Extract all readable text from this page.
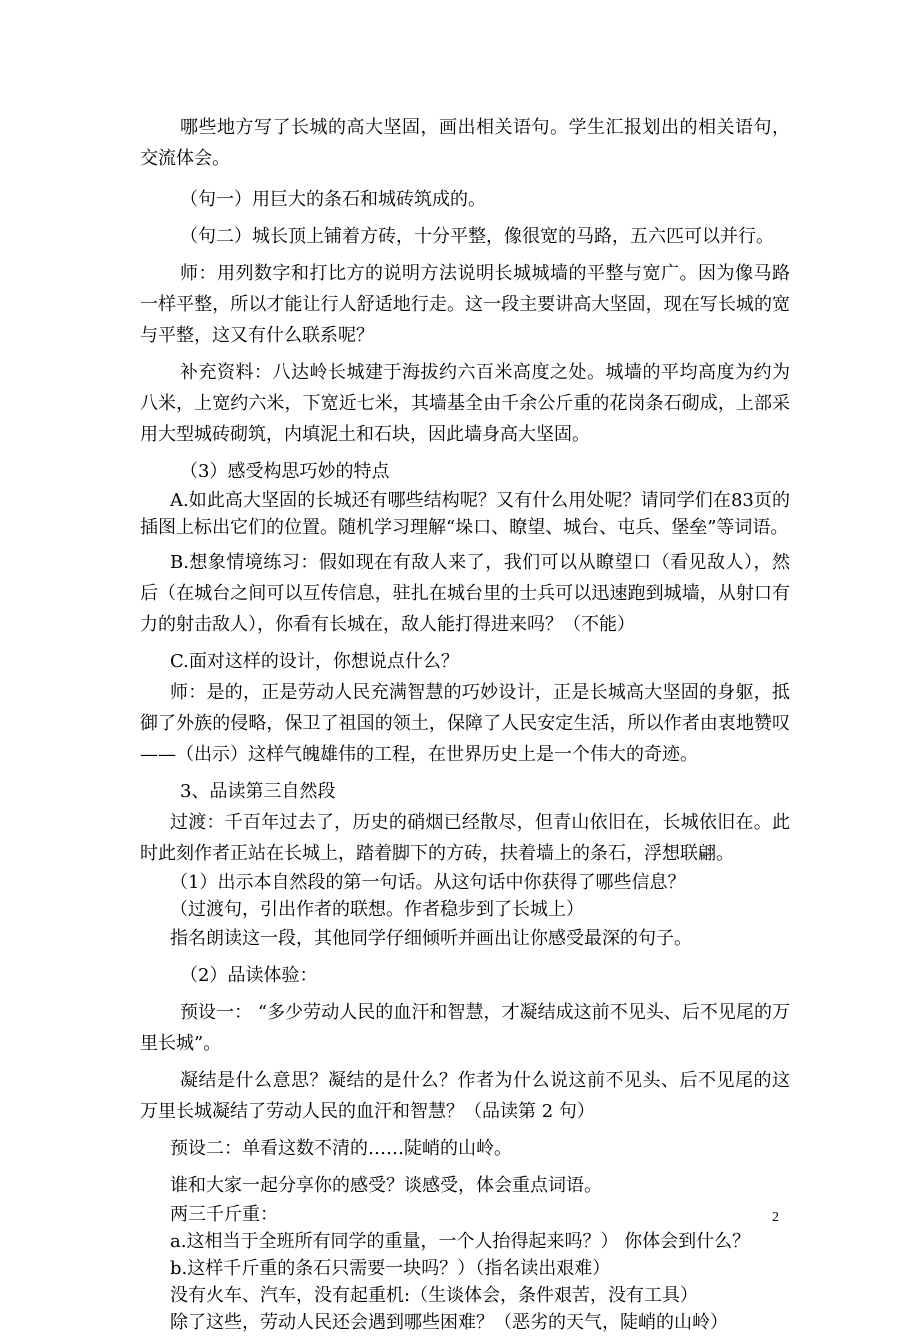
哪些地方写了长城的高大坚固，画出相关语句。学生汇报划出的相关语句，交流体会。

（句一）用巨大的条石和城砖筑成的。

（句二）城长顶上铺着方砖，十分平整，像很宽的马路，五六匹可以并行。

师：用列数字和打比方的说明方法说明长城城墙的平整与宽广。因为像马路一样平整，所以才能让行人舒适地行走。这一段主要讲高大坚固，现在写长城的宽与平整，这又有什么联系呢？

补充资料：八达岭长城建于海拔约六百米高度之处。城墙的平均高度为约为八米，上宽约六米，下宽近七米，其墙基全由千余公斤重的花岗条石砌成，上部采用大型城砖砌筑，内填泥土和石块，因此墙身高大坚固。

（3）感受构思巧妙的特点

A.如此高大坚固的长城还有哪些结构呢？又有什么用处呢？请同学们在83页的插图上标出它们的位置。随机学习理解“垛口、瞭望、城台、屯兵、堡垒”等词语。

B.想象情境练习：假如现在有敌人来了，我们可以从瞭望口（看见敌人），然后（在城台之间可以互传信息，驻扎在城台里的士兵可以迅速跑到城墙，从射口有力的射击敌人），你看有长城在，敌人能打得进来吗？（不能）

C.面对这样的设计，你想说点什么？

师：是的，正是劳动人民充满智慧的巧妙设计，正是长城高大坚固的身躯，抵御了外族的侵略，保卫了祖国的领土，保障了人民安定生活，所以作者由衷地赞叹——（出示）这样气魄雄伟的工程，在世界历史上是一个伟大的奇迹。

3、品读第三自然段

过渡：千百年过去了，历史的硝烟已经散尽，但青山依旧在，长城依旧在。此时此刻作者正站在长城上，踏着脚下的方砖，扶着墙上的条石，浮想联翩。

（1）出示本自然段的第一句话。从这句话中你获得了哪些信息？

（过渡句，引出作者的联想。作者稳步到了长城上）

指名朗读这一段，其他同学仔细倾听并画出让你感受最深的句子。

（2）品读体验：

预设一： “多少劳动人民的血汗和智慧，才凝结成这前不见头、后不见尾的万里长城”。

凝结是什么意思？凝结的是什么？作者为什么说这前不见头、后不见尾的这万里长城凝结了劳动人民的血汗和智慧？（品读第 2 句）

预设二：单看这数不清的……陡峭的山岭。

谁和大家一起分享你的感受？谈感受，体会重点词语。

两三千斤重：

a.这相当于全班所有同学的重量，一个人抬得起来吗？） 你体会到什么？

b.这样千斤重的条石只需要一块吗？）（指名读出艰难）

没有火车、汽车，没有起重机:（生谈体会，条件艰苦，没有工具）

除了这些，劳动人民还会遇到哪些困难？（恶劣的天气，陡峭的山岭）

2
